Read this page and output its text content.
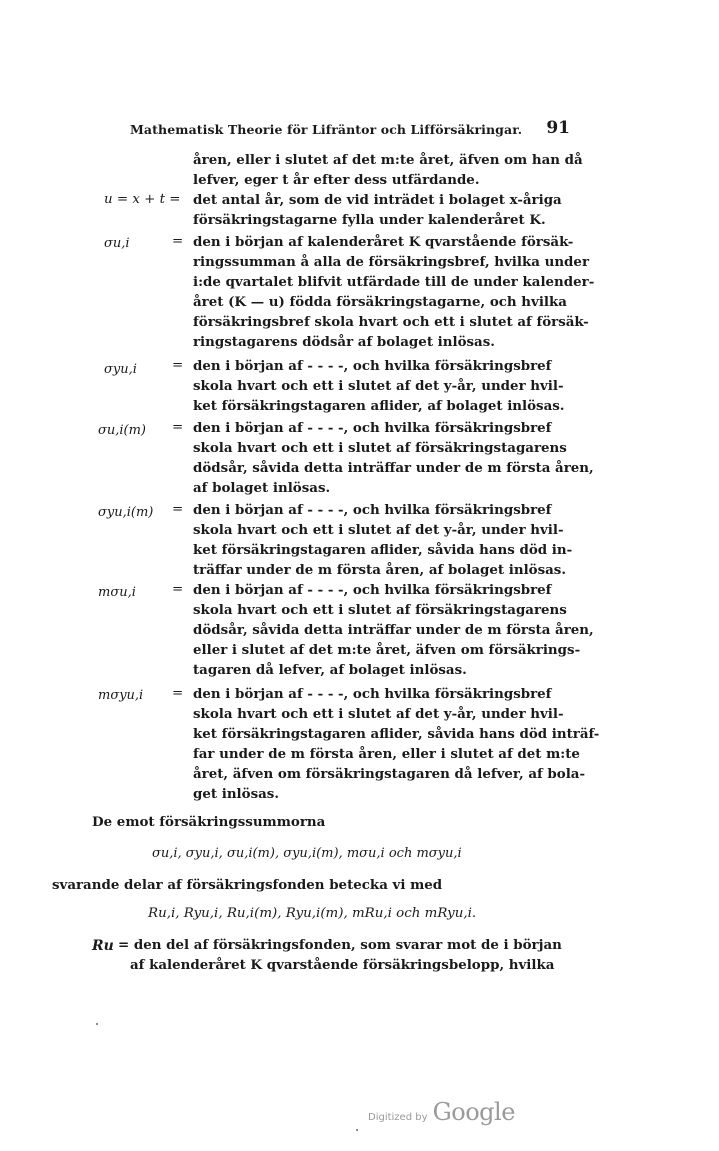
Mathematisk Theorie för Lifräntor och Lifförsäkringar. 91
åren, eller i slutet af det m:te året, äfven om han då
lefver, eger t år efter dess utfärdande.
u = x + t = det antal år, som de vid inträdet i bolaget x-åriga
försäkringstagarne fylla under kalenderåret K.
σu,i	= den i början af kalenderåret K qvarstående försäk-
ringssumman å alla de försäkringsbref, hvilka under
i:de qvartalet blifvit utfärdade till de under kalender-
året (K — u) födda försäkringstagarne, och hvilka
försäkringsbref skola hvart och ett i slutet af försäk-
ringstagarens dödsår af bolaget inlösas.
σyu,i	= den i början af - - - -, och hvilka försäkringsbref
skola hvart och ett i slutet af det y-år, under hvil-
ket försäkringstagaren aflider, af bolaget inlösas.
σu,i(m) = den i början af - - - -, och hvilka försäkringsbref
skola hvart och ett i slutet af försäkringstagarens
dödsår, såvida detta inträffar under de m första åren,
af bolaget inlösas.
σyu,i(m) = den i början af - - - -, och hvilka försäkringsbref
skola hvart och ett i slutet af det y-år, under hvil-
ket försäkringstagaren aflider, såvida hans död in-
träffar under de m första åren, af bolaget inlösas.
mσu,i	= den i början af - - - -, och hvilka försäkringsbref
skola hvart och ett i slutet af försäkringstagarens
dödsår, såvida detta inträffar under de m första åren,
eller i slutet af det m:te året, äfven om försäkrings-
tagaren då lefver, af bolaget inlösas.
mσyu,i = den i början af - - - -, och hvilka försäkringsbref
skola hvart och ett i slutet af det y-år, under hvil-
ket försäkringstagaren aflider, såvida hans död inträf-
far under de m första åren, eller i slutet af det m:te
året, äfven om försäkringstagaren då lefver, af bola-
get inlösas.
De emot försäkringssummorna
σu,i, σyu,i, σu,i(m), σyu,i(m), mσu,i och mσyu,i
svarande delar af försäkringsfonden betecka vi med
Ru,i, Ryu,i, Ru,i(m), Ryu,i(m), mRu,i och mRyu,i.
Ru = den del af försäkringsfonden, som svarar mot de i början
af kalenderåret K qvarstående försäkringsbelopp, hvilka
Digitized by Google
